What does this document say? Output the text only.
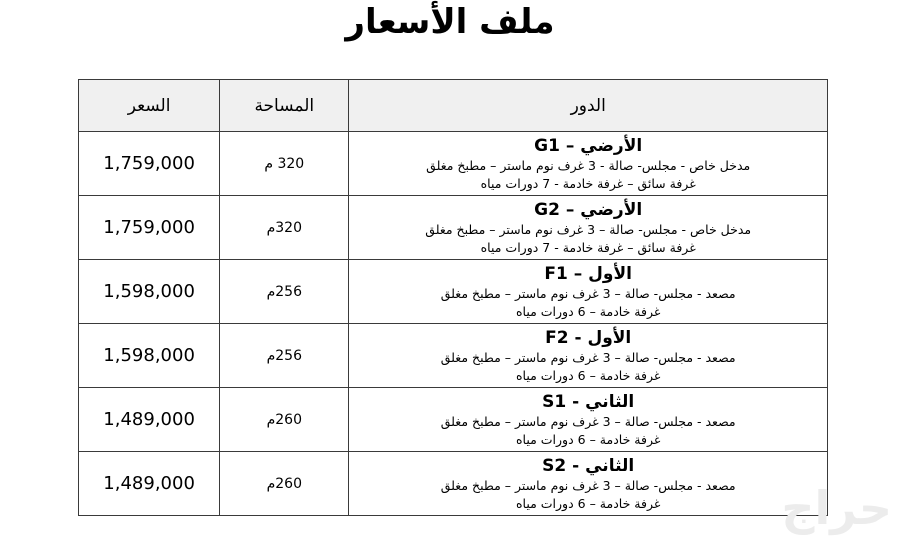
ملف الأسعار
الدور	المساحة	السعر

الأرضي – G1
مدخل خاص - مجلس- صالة - 3 غرف نوم ماستر – مطبخ مغلق
غرفة سائق – غرفة خادمة - 7 دورات مياه	320 م	1,759,000

الأرضي – G2
مدخل خاص - مجلس- صالة – 3 غرف نوم ماستر – مطبخ مغلق
غرفة سائق – غرفة خادمة - 7 دورات مياه	320م	1,759,000

الأول – F1
مصعد - مجلس- صالة – 3 غرف نوم ماستر – مطبخ مغلق
غرفة خادمة – 6 دورات مياه	256م	1,598,000

الأول - F2
مصعد - مجلس- صالة – 3 غرف نوم ماستر – مطبخ مغلق
غرفة خادمة – 6 دورات مياه	256م	1,598,000

الثاني - S1
مصعد - مجلس- صالة – 3 غرف نوم ماستر – مطبخ مغلق
غرفة خادمة – 6 دورات مياه	260م	1,489,000

الثاني - S2
مصعد - مجلس- صالة – 3 غرف نوم ماستر – مطبخ مغلق
غرفة خادمة – 6 دورات مياه	260م	1,489,000	حراج
